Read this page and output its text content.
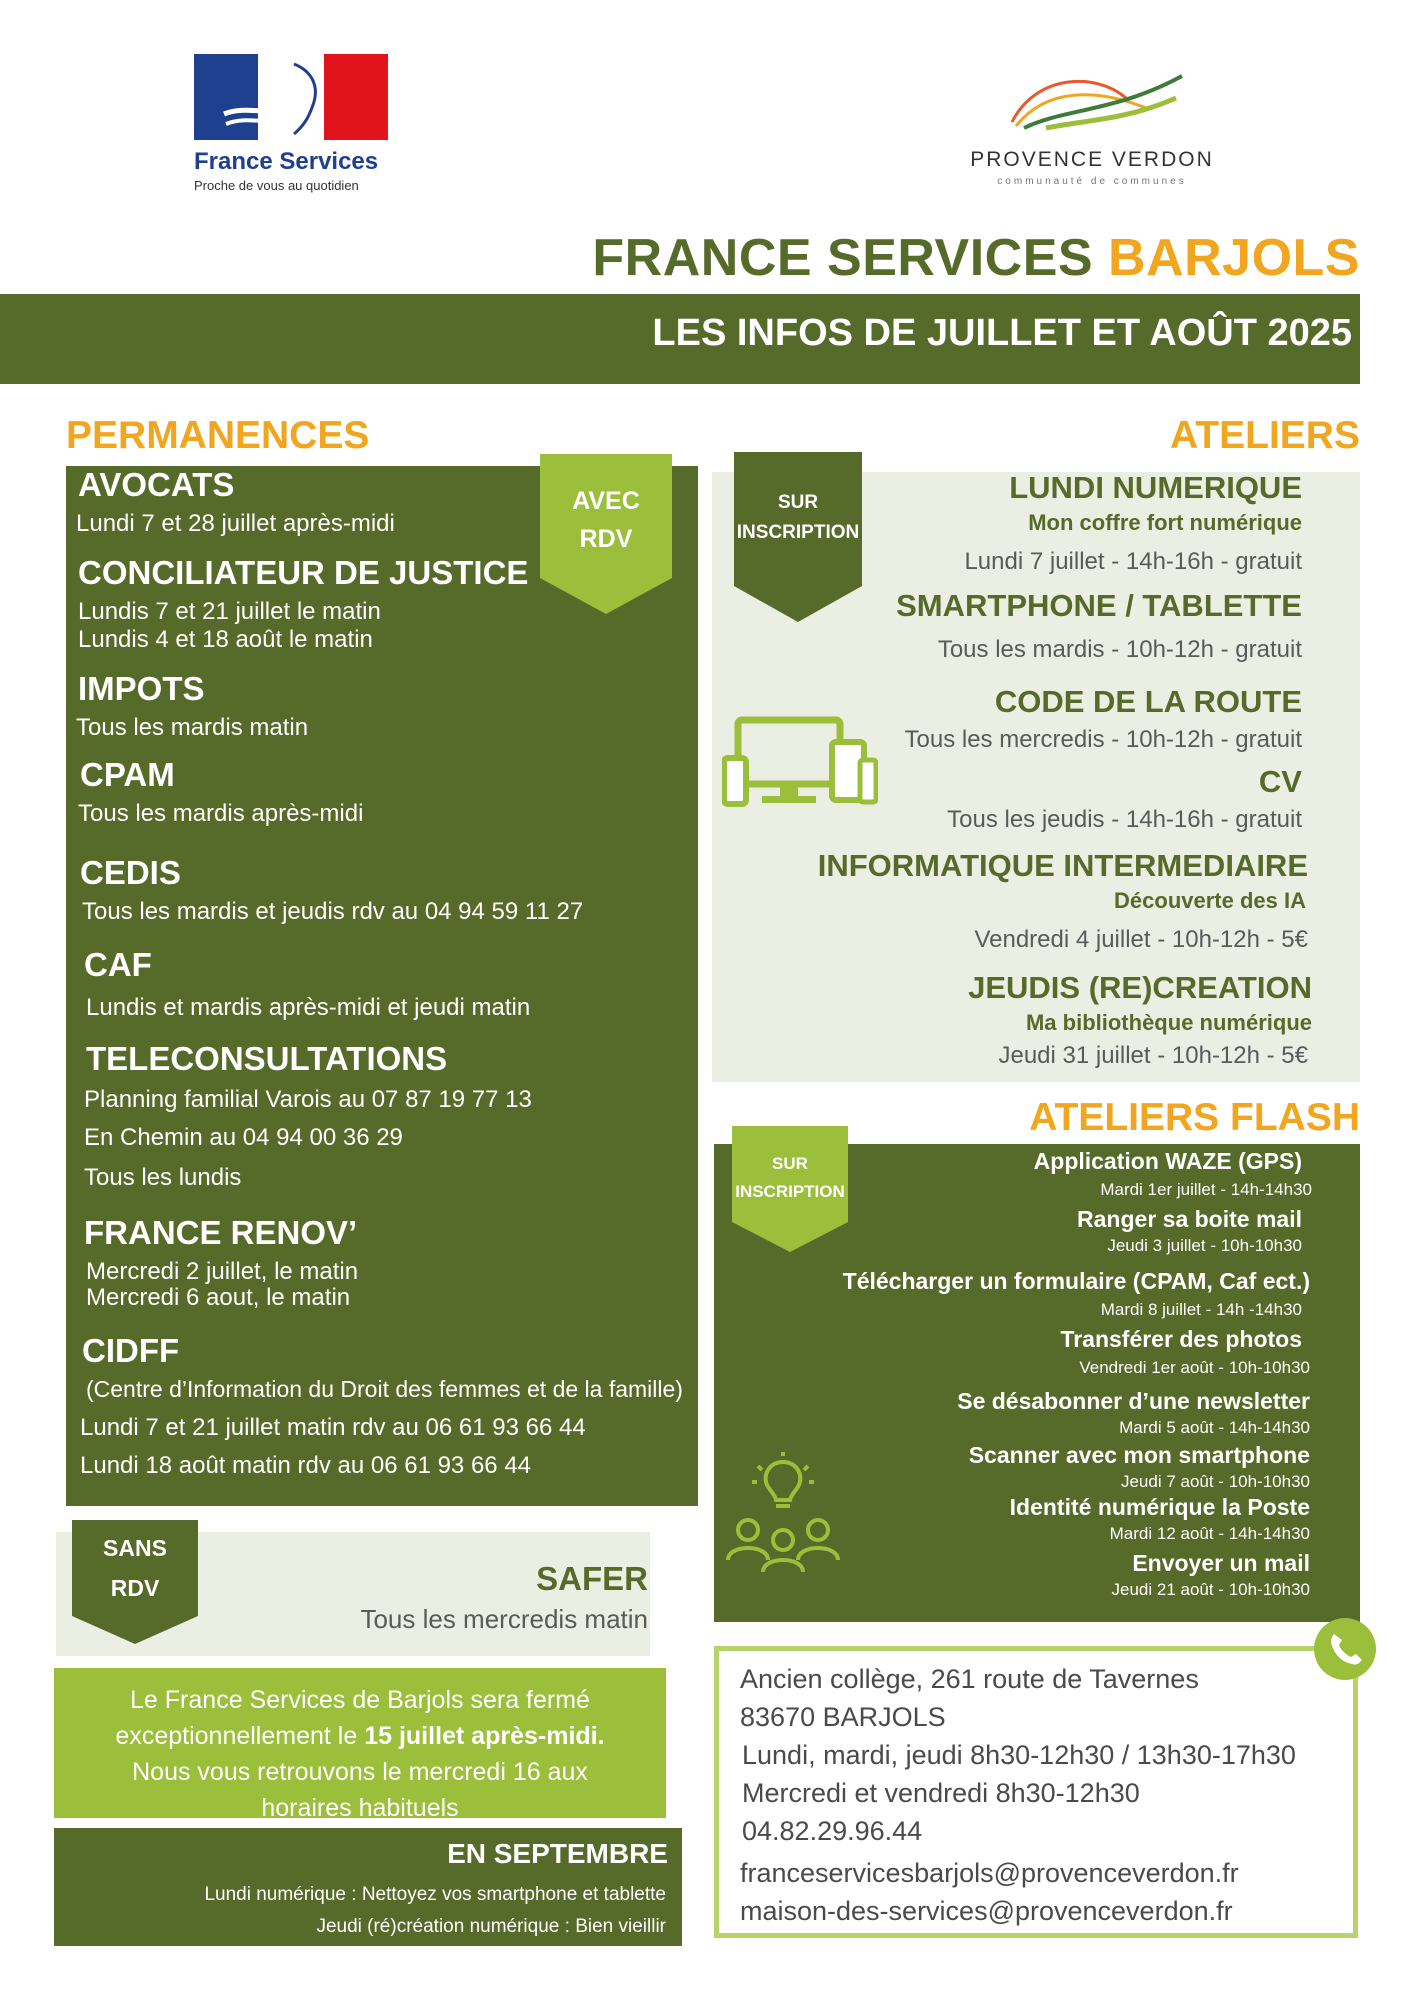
France Services
Proche de vous au quotidien
PROVENCE VERDON
communauté de communes
FRANCE SERVICES BARJOLS
LES INFOS DE JUILLET ET AOÛT 2025
PERMANENCES
AVEC
RDV
AVOCATS
Lundi 7 et 28 juillet après-midi
CONCILIATEUR DE JUSTICE
Lundis 7 et 21 juillet le matin
Lundis 4 et 18 août le matin
IMPOTS
Tous les mardis matin
CPAM
Tous les mardis après-midi
CEDIS
Tous les mardis et jeudis rdv au 04 94 59 11 27
CAF
Lundis et mardis après-midi et jeudi matin
TELECONSULTATIONS
Planning familial Varois au 07 87 19 77 13
En Chemin au 04 94 00 36 29
Tous les lundis
FRANCE RENOV’
Mercredi 2 juillet, le matin
Mercredi 6 aout, le matin
CIDFF
(Centre d’Information du Droit des femmes et de la famille)
Lundi 7 et 21 juillet matin rdv au 06 61 93 66 44
Lundi 18 août matin rdv au 06 61 93 66 44
SANS
RDV	SAFER
Tous les mercredis matin
Le France Services de Barjols sera fermé
exceptionnellement le 15 juillet après-midi.
Nous vous retrouvons le mercredi 16 aux
horaires habituels
EN SEPTEMBRE
Lundi numérique : Nettoyez vos smartphone et tablette
Jeudi (ré)création numérique : Bien vieillir
ATELIERS
SUR
INSCRIPTION
LUNDI NUMERIQUE
Mon coffre fort numérique
Lundi 7 juillet - 14h-16h - gratuit
SMARTPHONE / TABLETTE
Tous les mardis - 10h-12h - gratuit
CODE DE LA ROUTE
Tous les mercredis - 10h-12h - gratuit
CV
Tous les jeudis - 14h-16h - gratuit
INFORMATIQUE INTERMEDIAIRE
Découverte des IA
Vendredi 4 juillet - 10h-12h - 5€
JEUDIS (RE)CREATION
Ma bibliothèque numérique
Jeudi 31 juillet - 10h-12h - 5€
ATELIERS FLASH
SUR
INSCRIPTION
Application WAZE (GPS)
Mardi 1er juillet - 14h-14h30
Ranger sa boite mail
Jeudi 3 juillet - 10h-10h30
Télécharger un formulaire (CPAM, Caf ect.)
Mardi 8 juillet - 14h -14h30
Transférer des photos
Vendredi 1er août - 10h-10h30
Se désabonner d’une newsletter
Mardi 5 août - 14h-14h30
Scanner avec mon smartphone
Jeudi 7 août - 10h-10h30
Identité numérique la Poste
Mardi 12 août - 14h-14h30
Envoyer un mail
Jeudi 21 août - 10h-10h30
Ancien collège, 261 route de Tavernes
83670 BARJOLS
Lundi, mardi, jeudi 8h30-12h30 / 13h30-17h30
Mercredi et vendredi 8h30-12h30
04.82.29.96.44
franceservicesbarjols@provenceverdon.fr
maison-des-services@provenceverdon.fr
